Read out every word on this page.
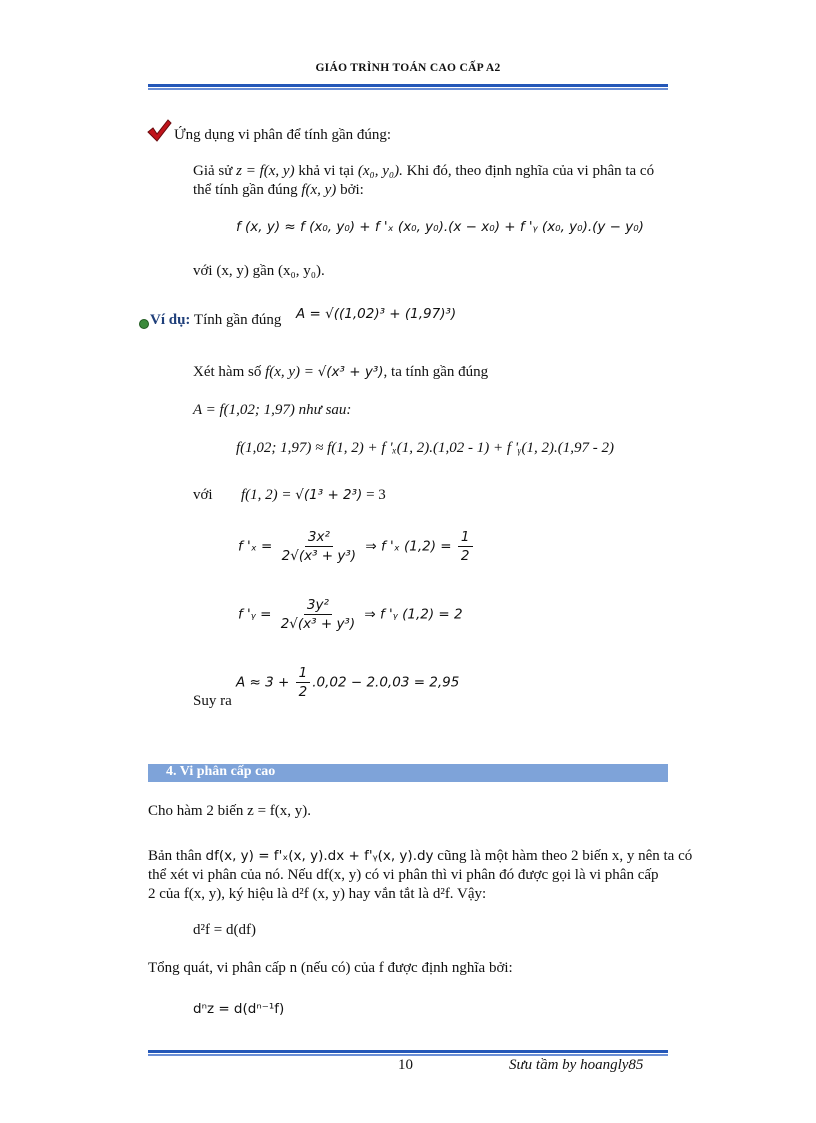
GIÁO TRÌNH TOÁN CAO CẤP A2
Ứng dụng vi phân để tính gần đúng:
Giả sử z = f(x, y) khả vi tại (x₀, y₀). Khi đó, theo định nghĩa của vi phân ta có
thể tính gần đúng f(x, y) bởi:
f (x, y) ≈ f (x₀, y₀) + f 'ₓ (x₀, y₀).(x − x₀) + f 'ᵧ (x₀, y₀).(y − y₀)
với (x, y) gần (x₀, y₀).
Ví dụ: Tính gần đúng A = √((1,02)³ + (1,97)³)
Xét hàm số f(x, y) = √(x³ + y³), ta tính gần đúng
A = f(1,02; 1,97) như sau:
f(1,02; 1,97) ≈ f(1, 2) + f 'ₓ(1, 2).(1,02 - 1) + f 'ᵧ(1, 2).(1,97 - 2)
với f(1, 2) = √(1³ + 2³) = 3
f '$_x = \frac{\text{3x²}}{\text{2√(x³ + y³)}}$ ⇒ f 'ₓ $(1,2) = \frac{1}{2}$
f 'ᵧ = $\frac{\text{3y²}}{\text{2√(x³ + y³)}}$ ⇒ f 'ᵧ (1,2) = 2
Suy ra
$A \approx 3 + \frac{1}{2} .0,02 - 2.0,03 = 2,95$
4. Vi phân cấp cao
Cho hàm 2 biến z = f(x, y).
Bản thân df(x, y) = f'ₓ(x, y).dx + f'ᵧ(x, y).dy cũng là một hàm theo 2 biến x, y nên ta có
thể xét vi phân của nó. Nếu df(x, y) có vi phân thì vi phân đó được gọi là vi phân cấp
2 của f(x, y), ký hiệu là d²f (x, y) hay vắn tắt là d²f. Vậy:
d²f = d(df)
Tổng quát, vi phân cấp n (nếu có) của f được định nghĩa bởi:
dⁿz = d(dⁿ⁻¹f)
10	Sưu tầm by hoangly85
